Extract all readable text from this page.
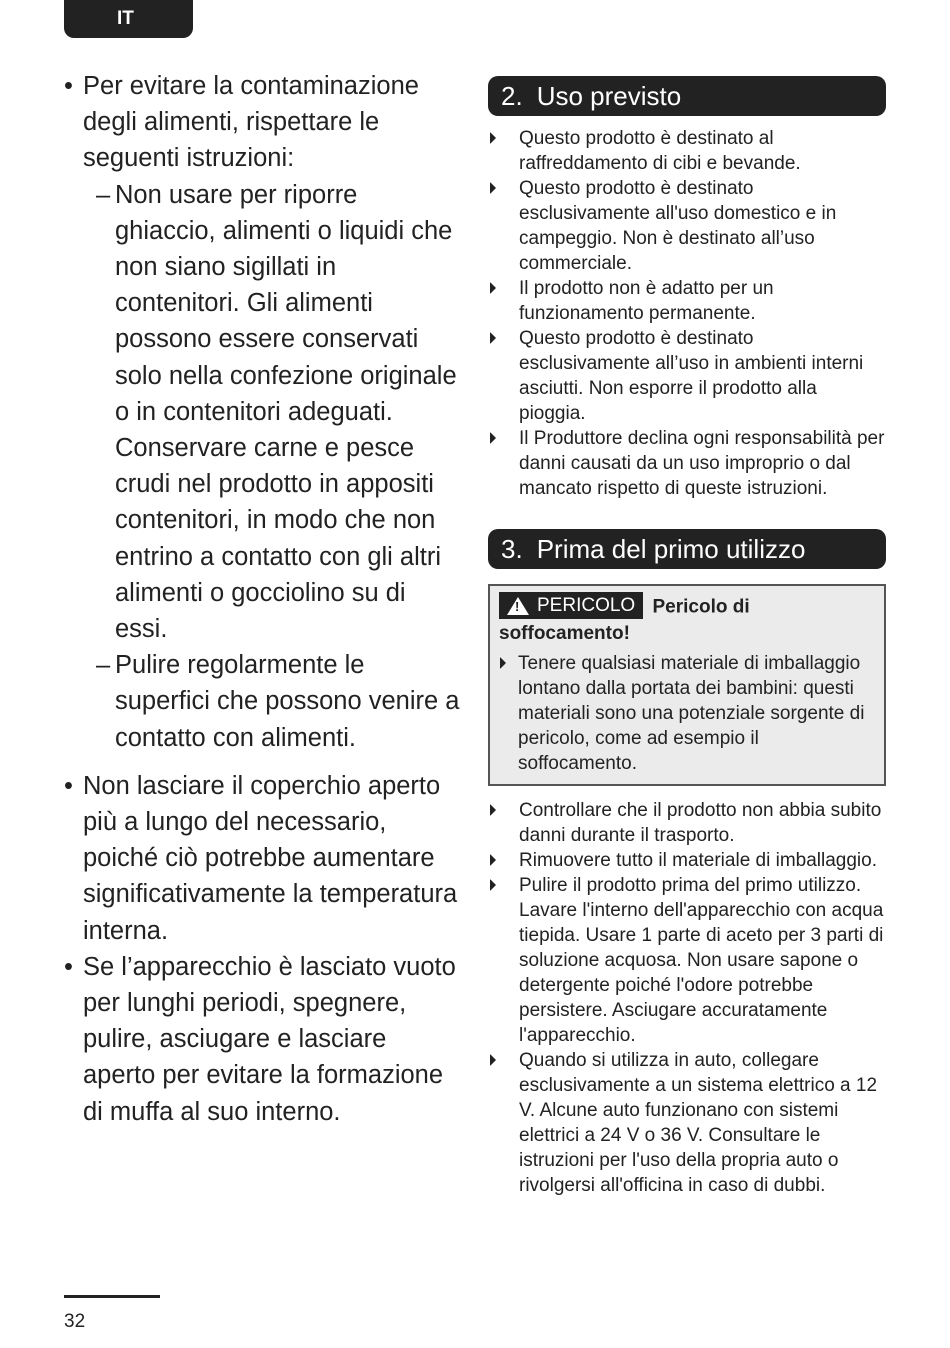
IT
• Per evitare la contaminazione degli alimenti, rispettare le seguenti istruzioni:
– Non usare per riporre ghiaccio, alimenti o liquidi che non siano sigillati in contenitori. Gli alimenti possono essere conservati solo nella confezione originale o in contenitori adeguati. Conservare carne e pesce crudi nel prodotto in appositi contenitori, in modo che non entrino a contatto con gli altri alimenti o gocciolino su di essi.
– Pulire regolarmente le superfici che possono venire a contatto con alimenti.
• Non lasciare il coperchio aperto più a lungo del necessario, poiché ciò potrebbe aumentare significativamente la temperatura interna.
• Se l’apparecchio è lasciato vuoto per lunghi periodi, spegnere, pulire, asciugare e lasciare aperto per evitare la formazione di muffa al suo interno.
2. Uso previsto
Questo prodotto è destinato al raffreddamento di cibi e bevande.
Questo prodotto è destinato esclusivamente all'uso domestico e in campeggio. Non è destinato all’uso commerciale.
Il prodotto non è adatto per un funzionamento permanente.
Questo prodotto è destinato esclusivamente all’uso in ambienti interni asciutti. Non esporre il prodotto alla pioggia.
Il Produttore declina ogni responsabilità per danni causati da un uso improprio o dal mancato rispetto di queste istruzioni.
3. Prima del primo utilizzo
!
PERICOLO Pericolo di soffocamento!
Tenere qualsiasi materiale di imballaggio lontano dalla portata dei bambini: questi materiali sono una potenziale sorgente di pericolo, come ad esempio il soffocamento.
Controllare che il prodotto non abbia subito danni durante il trasporto.
Rimuovere tutto il materiale di imballaggio.
Pulire il prodotto prima del primo utilizzo. Lavare l'interno dell'apparecchio con acqua tiepida. Usare 1 parte di aceto per 3 parti di soluzione acquosa. Non usare sapone o detergente poiché l'odore potrebbe persistere. Asciugare accuratamente l'apparecchio.
Quando si utilizza in auto, collegare esclusivamente a un sistema elettrico a 12 V. Alcune auto funzionano con sistemi elettrici a 24 V o 36 V. Consultare le istruzioni per l'uso della propria auto o rivolgersi all'officina in caso di dubbi.
32
